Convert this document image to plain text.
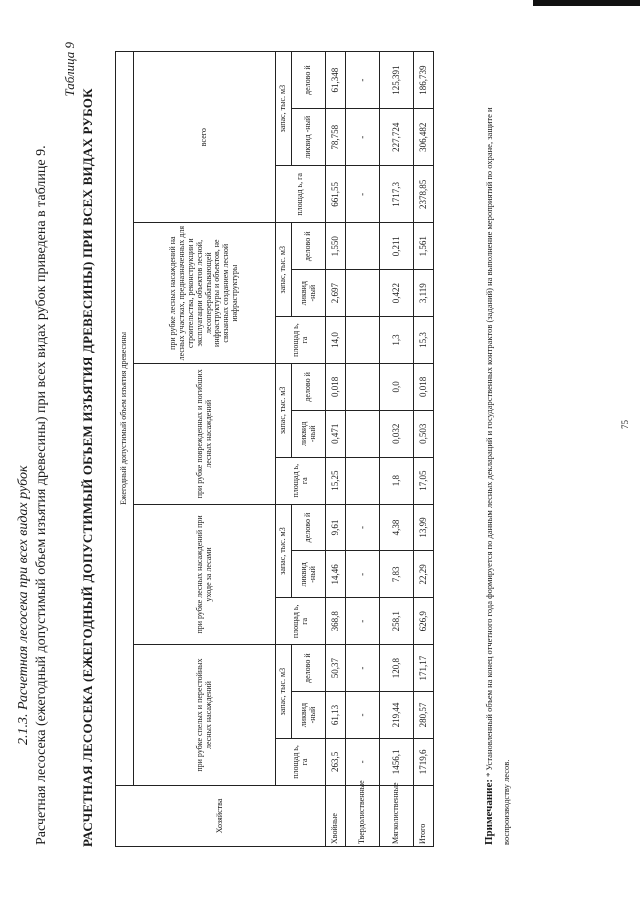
2.1.3. Расчетная лесосека при всех видах рубок Расчетная лесосека (ежегодный допустимый объем изъятия древесины) при всех видах рубок приведена в таблице 9.
Таблица 9
РАСЧЕТНАЯ ЛЕСОСЕКА (ЕЖЕГОДНЫЙ ДОПУСТИМЫЙ ОБЪЕМ ИЗЪЯТИЯ ДРЕВЕСИНЫ) ПРИ ВСЕХ ВИДАХ РУБОК	Хозяйства	Ежегодный допустимый объем изъятия древесины														
	при рубке спелых и перестойных лесных насаждений			при рубке лесных насаждений при уходе за лесами			при рубке поврежденных и погибших лесных насаждений			при рубке лесных насаждений на лесных участках, предназначенных для строительства, реконструкции и эксплуатации объектов лесной, лесоперерабатывающей инфраструктуры и объектов, не связанных созданием лесной инфраструктуры			всего		
	площад ь, га	запас, тыс. м3		площад ь, га	запас, тыс. м3		площад ь, га	запас, тыс. м3		площад ь, га	запас, тыс. м3		площад ь, га	запас, тыс. м3	
		ликвид -ный	делово й		ликвид -ный	делово й		ликвид -ный	делово й		ликвид -ный	делово й		ликвид -ный	делово й
Хвойные	263,5	61,13	50,37	368,8	14,46	9,61	15,25	0,471	0,018	14,0	2,697	1,550	661,55	78,758	61,348
Твердолиственные	-	-	-	-	-	-							-	-	-
Мягколиственные	1456,1	219,44	120,8	258,1	7,83	4,38	1,8	0,032	0,0	1,3	0,422	0,211	1717,3	227,724	125,391
Итого	1719,6	280,57	171,17	626,9	22,29	13,99	17,05	0,503	0,018	15,3	3,119	1,561	2378,85	306,482	186,739
Примечание: * Установленный объем на конец отчетного года формируется по данным лесных деклараций и государственных контрактов (заданий) на выполнение мероприятий по охране, защите и воспроизводству лесов.
75
